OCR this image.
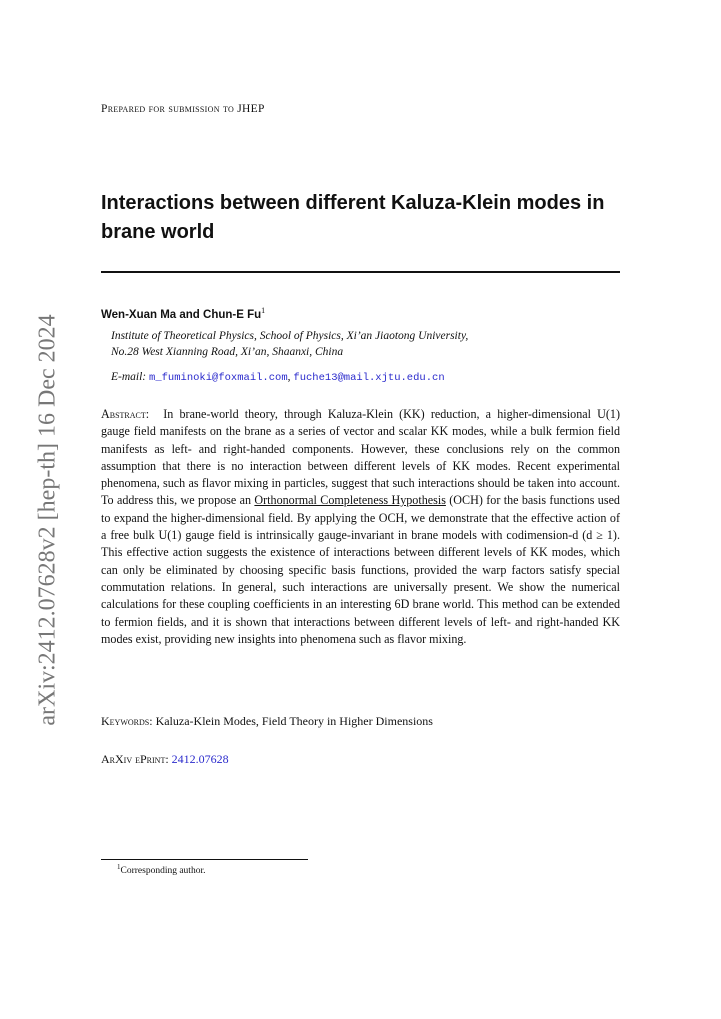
arXiv:2412.07628v2 [hep-th] 16 Dec 2024
Prepared for submission to JHEP
Interactions between different Kaluza-Klein modes in brane world
Wen-Xuan Ma and Chun-E Fu$^1$
Institute of Theoretical Physics, School of Physics, Xi’an Jiaotong University,
No.28 West Xianning Road, Xi’an, Shaanxi, China
E-mail: m_fuminoki@foxmail.com, fuche13@mail.xjtu.edu.cn
Abstract: In brane-world theory, through Kaluza-Klein (KK) reduction, a higher-dimensional U(1) gauge field manifests on the brane as a series of vector and scalar KK modes, while a bulk fermion field manifests as left- and right-handed components. However, these conclusions rely on the common assumption that there is no interaction between different levels of KK modes. Recent experimental phenomena, such as flavor mixing in particles, suggest that such interactions should be taken into account. To address this, we propose an Orthonormal Completeness Hypothesis (OCH) for the basis functions used to expand the higher-dimensional field. By applying the OCH, we demonstrate that the effective action of a free bulk U(1) gauge field is intrinsically gauge-invariant in brane models with codimension-d (d ≥ 1). This effective action suggests the existence of interactions between different levels of KK modes, which can only be eliminated by choosing specific basis functions, provided the warp factors satisfy special commutation relations. In general, such interactions are universally present. We show the numerical calculations for these coupling coefficients in an interesting 6D brane world. This method can be extended to fermion fields, and it is shown that interactions between different levels of left- and right-handed KK modes exist, providing new insights into phenomena such as flavor mixing.
Keywords: Kaluza-Klein Modes, Field Theory in Higher Dimensions
ArXiv ePrint: 2412.07628
$^1$Corresponding author.
